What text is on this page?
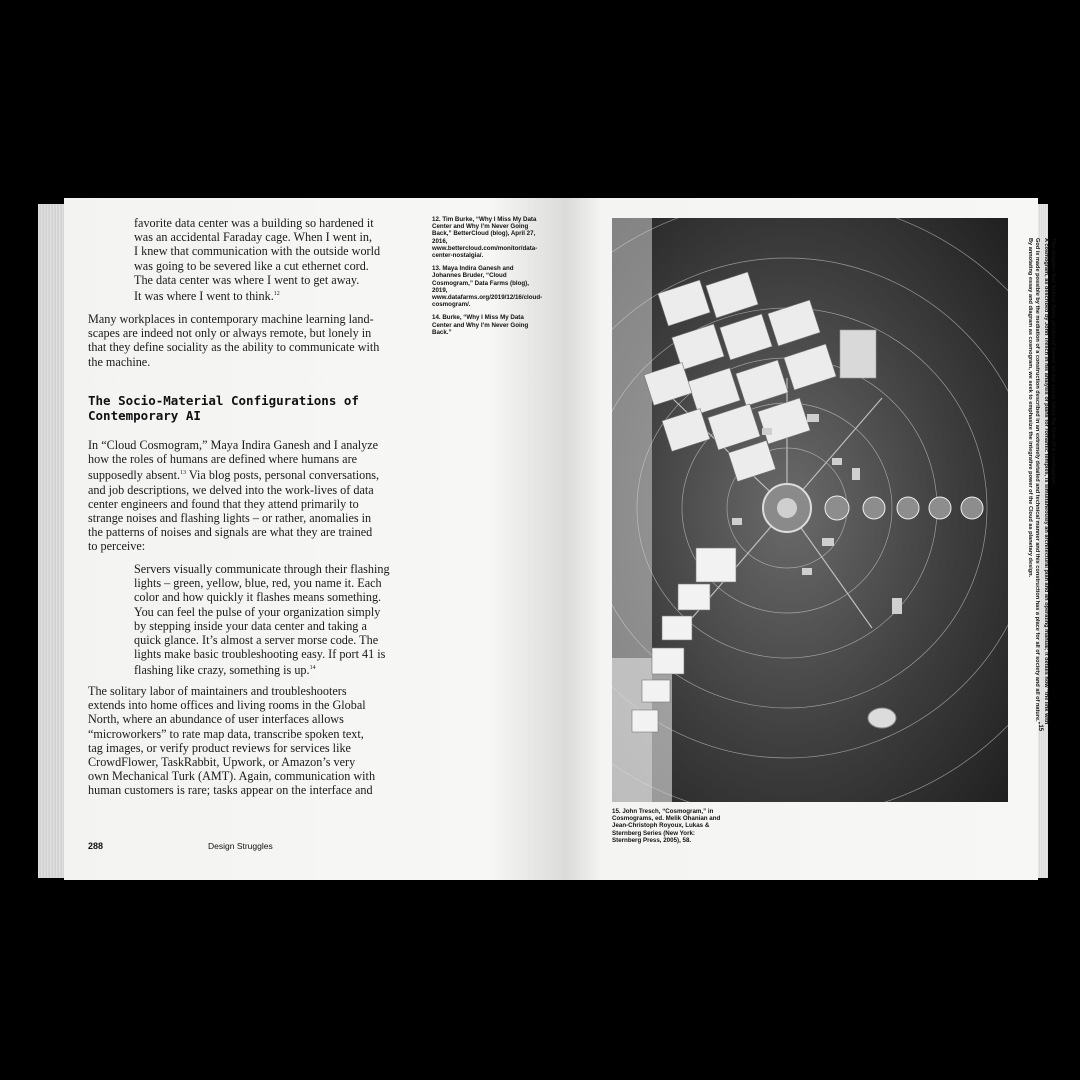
favorite data center was a building so hardened it
was an accidental Faraday cage. When I went in,
I knew that communication with the outside world
was going to be severed like a cut ethernet cord.
The data center was where I went to get away.
It was where I went to think.$^{12}$

Many workplaces in contemporary machine learning land-
scapes are indeed not only or always remote, but lonely in
that they define sociality as the ability to communicate with
the machine.

The Socio-Material Configurations of
Contemporary AI

In “Cloud Cosmogram,” Maya Indira Ganesh and I analyze
how the roles of humans are defined where humans are
supposedly absent.$^{13}$ Via blog posts, personal conversations,
and job descriptions, we delved into the work-lives of data
center engineers and found that they attend primarily to
strange noises and flashing lights – or rather, anomalies in
the patterns of noises and signals are what they are trained
to perceive:

Servers visually communicate through their flashing
lights – green, yellow, blue, red, you name it. Each
color and how quickly it flashes means something.
You can feel the pulse of your organization simply
by stepping inside your data center and taking a
quick glance. It’s almost a server morse code. The
lights make basic troubleshooting easy. If port 41 is
flashing like crazy, something is up.$^{14}$

The solitary labor of maintainers and troubleshooters
extends into home offices and living rooms in the Global
North, where an abundance of user interfaces allows
“microworkers” to rate map data, transcribe spoken text,
tag images, or verify product reviews for services like
CrowdFlower, TaskRabbit, Upwork, or Amazon’s very
own Mechanical Turk (AMT). Again, communication with
human customers is rare; tasks appear on the interface and

12. Tim Burke, “Why I Miss My Data Center and Why I’m Never Going Back,” BetterCloud (blog), April 27, 2016, www.bettercloud.com/monitor/data-center-nostalgia/.

13. Maya Indira Ganesh and Johannes Bruder, “Cloud Cosmogram,” Data Farms (blog), 2019, www.datafarms.org/2019/12/16/cloud-cosmogram/.

14. Burke, “Why I Miss My Data Center and Why I’m Never Going Back.”

288	Design Struggles

15. John Tresch, “Cosmogram,” in Cosmograms, ed. Melik Ohanian and Jean-Christoph Royoux, Lukas & Sternberg Series (New York: Sternberg Press, 2005), 58.

The diagram that Selena Savic produced based on our essay takes the form of a cosmogram.

A cosmogram, as described by John Tresch in his analysis of plans for romantic temples, is simultaneously an architectural plan and an operating manual; it details how “the link with

God is made possible by the mediation of a construction described in an extremely detailed and technical manner and this construction has a place for all of society and all of nature.”$^{15}$

By annotating essay and diagram as cosmogram, we seek to emphasize the integrative power of the Cloud as planetary design.
